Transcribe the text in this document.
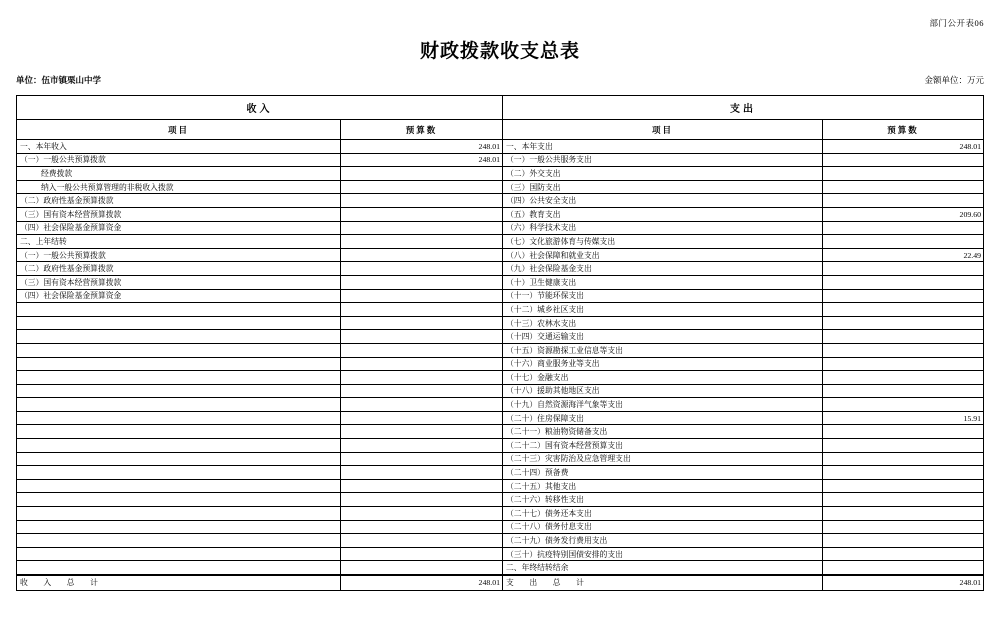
部门公开表06
财政拨款收支总表
单位：伍市镇栗山中学	金额单位：万元
收入
项目	预算数
一、本年收入	248.01
（一）一般公共预算拨款	248.01
经费拨款
纳入一般公共预算管理的非税收入拨款
（二）政府性基金预算拨款
（三）国有资本经营预算拨款
（四）社会保险基金预算资金
二、上年结转
（一）一般公共预算拨款
（二）政府性基金预算拨款
（三）国有资本经营预算拨款
（四）社会保险基金预算资金
收　　入　　总　　计	248.01
支出
项目	预算数
一、本年支出	248.01
（一）一般公共服务支出
（二）外交支出
（三）国防支出
（四）公共安全支出
（五）教育支出	209.60
（六）科学技术支出
（七）文化旅游体育与传媒支出
（八）社会保障和就业支出	22.49
（九）社会保险基金支出
（十）卫生健康支出
（十一）节能环保支出
（十二）城乡社区支出
（十三）农林水支出
（十四）交通运输支出
（十五）资源勘探工业信息等支出
（十六）商业服务业等支出
（十七）金融支出
（十八）援助其他地区支出
（十九）自然资源海洋气象等支出
（二十）住房保障支出	15.91
（二十一）粮油物资储备支出
（二十二）国有资本经营预算支出
（二十三）灾害防治及应急管理支出
（二十四）预备费
（二十五）其他支出
（二十六）转移性支出
（二十七）债务还本支出
（二十八）债务付息支出
（二十九）债务发行费用支出
（三十）抗疫特别国债安排的支出
二、年终结转结余
支　　出　　总　　计	248.01
